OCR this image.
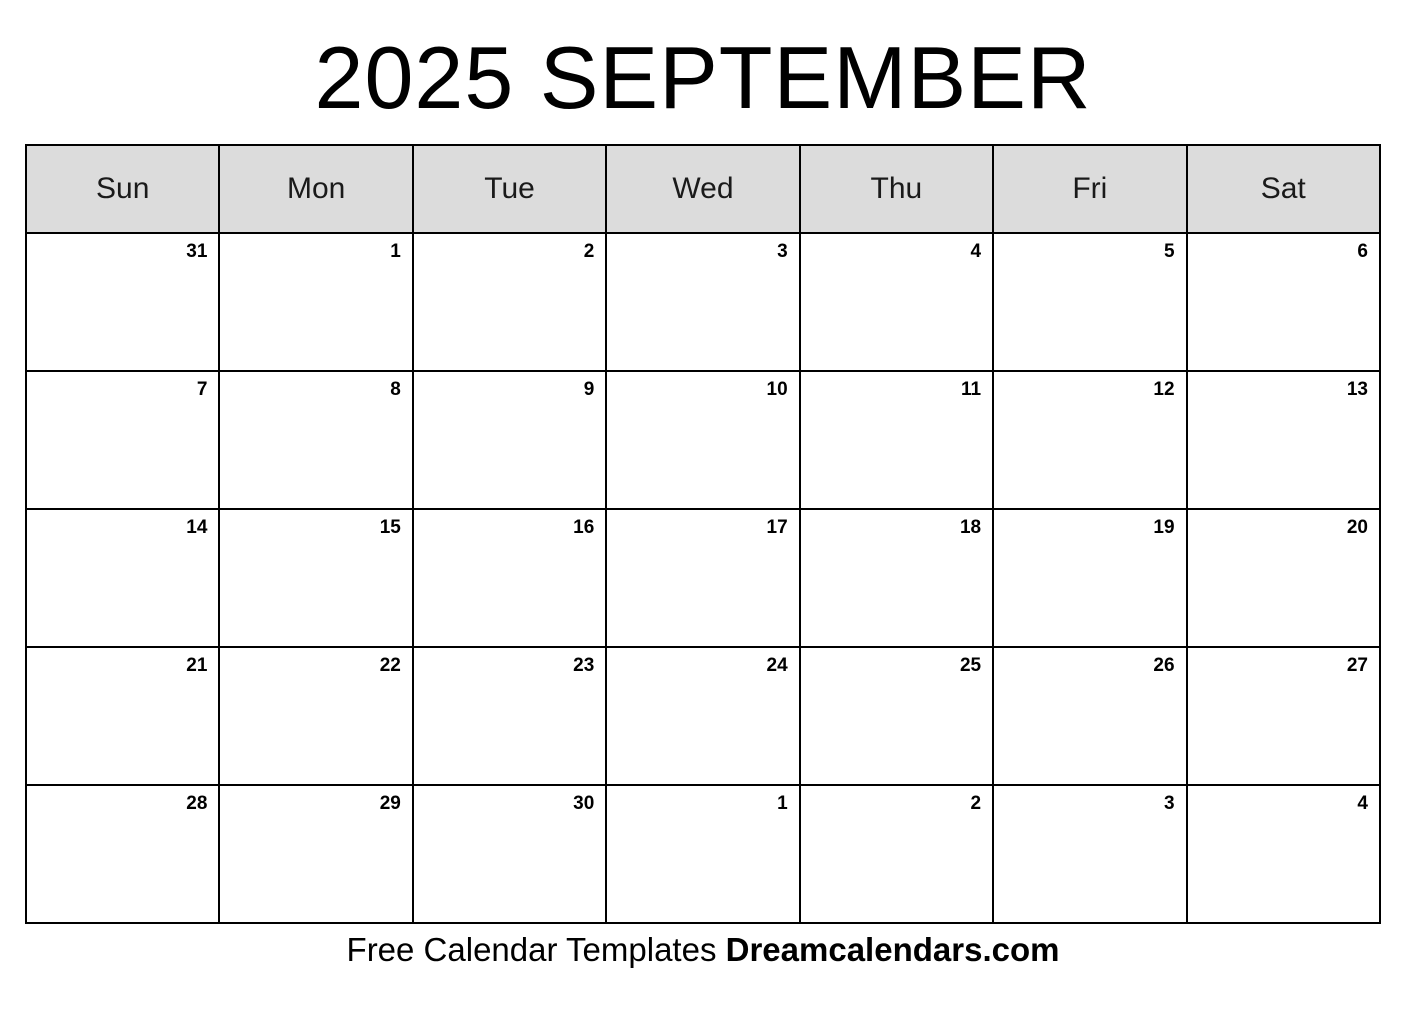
2025 SEPTEMBER
Sun	Mon	Tue	Wed	Thu	Fri	Sat
31	1	2	3	4	5	6
7	8	9	10	11	12	13
14	15	16	17	18	19	20
21	22	23	24	25	26	27
28	29	30	1	2	3	4
Free Calendar Templates Dreamcalendars.com
